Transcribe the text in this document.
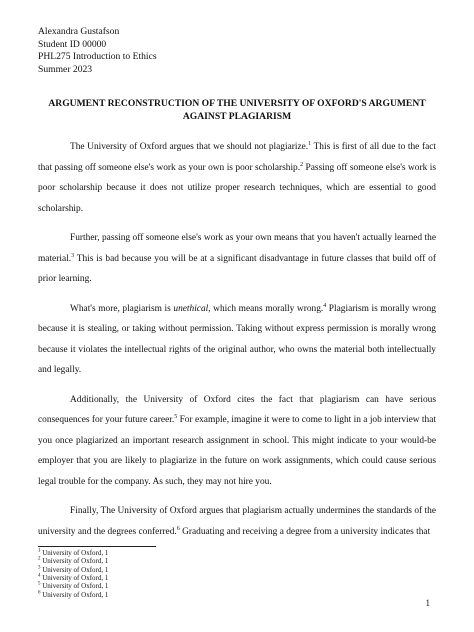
Alexandra Gustafson
Student ID 00000
PHL275 Introduction to Ethics
Summer 2023
ARGUMENT RECONSTRUCTION OF THE UNIVERSITY OF OXFORD'S ARGUMENT
AGAINST PLAGIARISM

The University of Oxford argues that we should not plagiarize.$^1$ This is first of all due to the fact that passing off someone else's work as your own is poor scholarship.$^2$ Passing off someone else's work is poor scholarship because it does not utilize proper research techniques, which are essential to good scholarship.

Further, passing off someone else's work as your own means that you haven't actually learned the material.$^3$ This is bad because you will be at a significant disadvantage in future classes that build off of prior learning.

What's more, plagiarism is unethical, which means morally wrong.$^4$ Plagiarism is morally wrong because it is stealing, or taking without permission. Taking without express permission is morally wrong because it violates the intellectual rights of the original author, who owns the material both intellectually and legally.

Additionally, the University of Oxford cites the fact that plagiarism can have serious consequences for your future career.$^5$ For example, imagine it were to come to light in a job interview that you once plagiarized an important research assignment in school. This might indicate to your would-be employer that you are likely to plagiarize in the future on work assignments, which could cause serious legal trouble for the company. As such, they may not hire you.

Finally, The University of Oxford argues that plagiarism actually undermines the standards of the university and the degrees conferred.$^6$ Graduating and receiving a degree from a university indicates that

$^1$ University of Oxford, 1
$^2$ University of Oxford, 1
$^3$ University of Oxford, 1
$^4$ University of Oxford, 1
$^5$ University of Oxford, 1
$^6$ University of Oxford, 1
1
